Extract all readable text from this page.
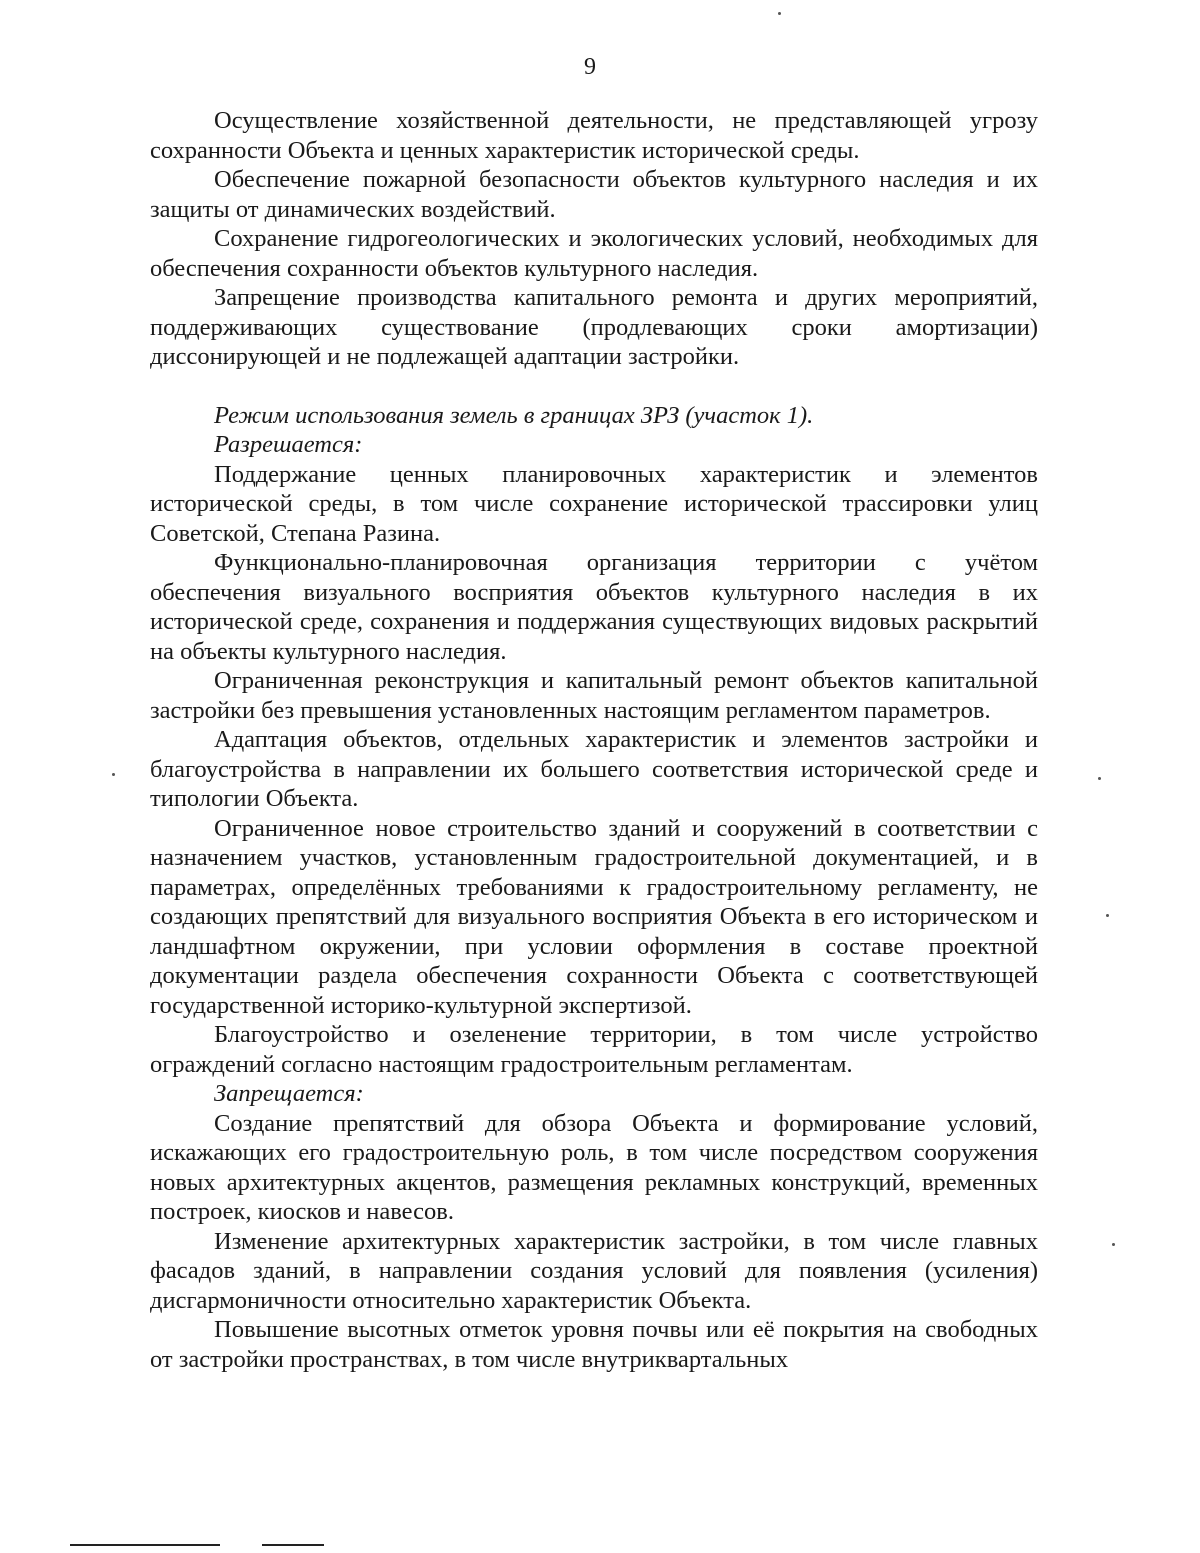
9

Осуществление хозяйственной деятельности, не представляющей угрозу сохранности Объекта и ценных характеристик исторической среды.

Обеспечение пожарной безопасности объектов культурного наследия и их защиты от динамических воздействий.

Сохранение гидрогеологических и экологических условий, необходимых для обеспечения сохранности объектов культурного наследия.

Запрещение производства капитального ремонта и других мероприятий, поддерживающих существование (продлевающих сроки амортизации) диссонирующей и не подлежащей адаптации застройки.

Режим использования земель в границах ЗРЗ (участок 1).

Разрешается:

Поддержание ценных планировочных характеристик и элементов исторической среды, в том числе сохранение исторической трассировки улиц Советской, Степана Разина.

Функционально-планировочная организация территории с учётом обеспечения визуального восприятия объектов культурного наследия в их исторической среде, сохранения и поддержания существующих видовых раскрытий на объекты культурного наследия.

Ограниченная реконструкция и капитальный ремонт объектов капитальной застройки без превышения установленных настоящим регламентом параметров.

Адаптация объектов, отдельных характеристик и элементов застройки и благоустройства в направлении их большего соответствия исторической среде и типологии Объекта.

Ограниченное новое строительство зданий и сооружений в соответствии с назначением участков, установленным градостроительной документацией, и в параметрах, определённых требованиями к градостроительному регламенту, не создающих препятствий для визуального восприятия Объекта в его историческом и ландшафтном окружении, при условии оформления в составе проектной документации раздела обеспечения сохранности Объекта с соответствующей государственной историко-культурной экспертизой.

Благоустройство и озеленение территории, в том числе устройство ограждений согласно настоящим градостроительным регламентам.

Запрещается:

Создание препятствий для обзора Объекта и формирование условий, искажающих его градостроительную роль, в том числе посредством сооружения новых архитектурных акцентов, размещения рекламных конструкций, временных построек, киосков и навесов.

Изменение архитектурных характеристик застройки, в том числе главных фасадов зданий, в направлении создания условий для появления (усиления) дисгармоничности относительно характеристик Объекта.

Повышение высотных отметок уровня почвы или её покрытия на свободных от застройки пространствах, в том числе внутриквартальных
